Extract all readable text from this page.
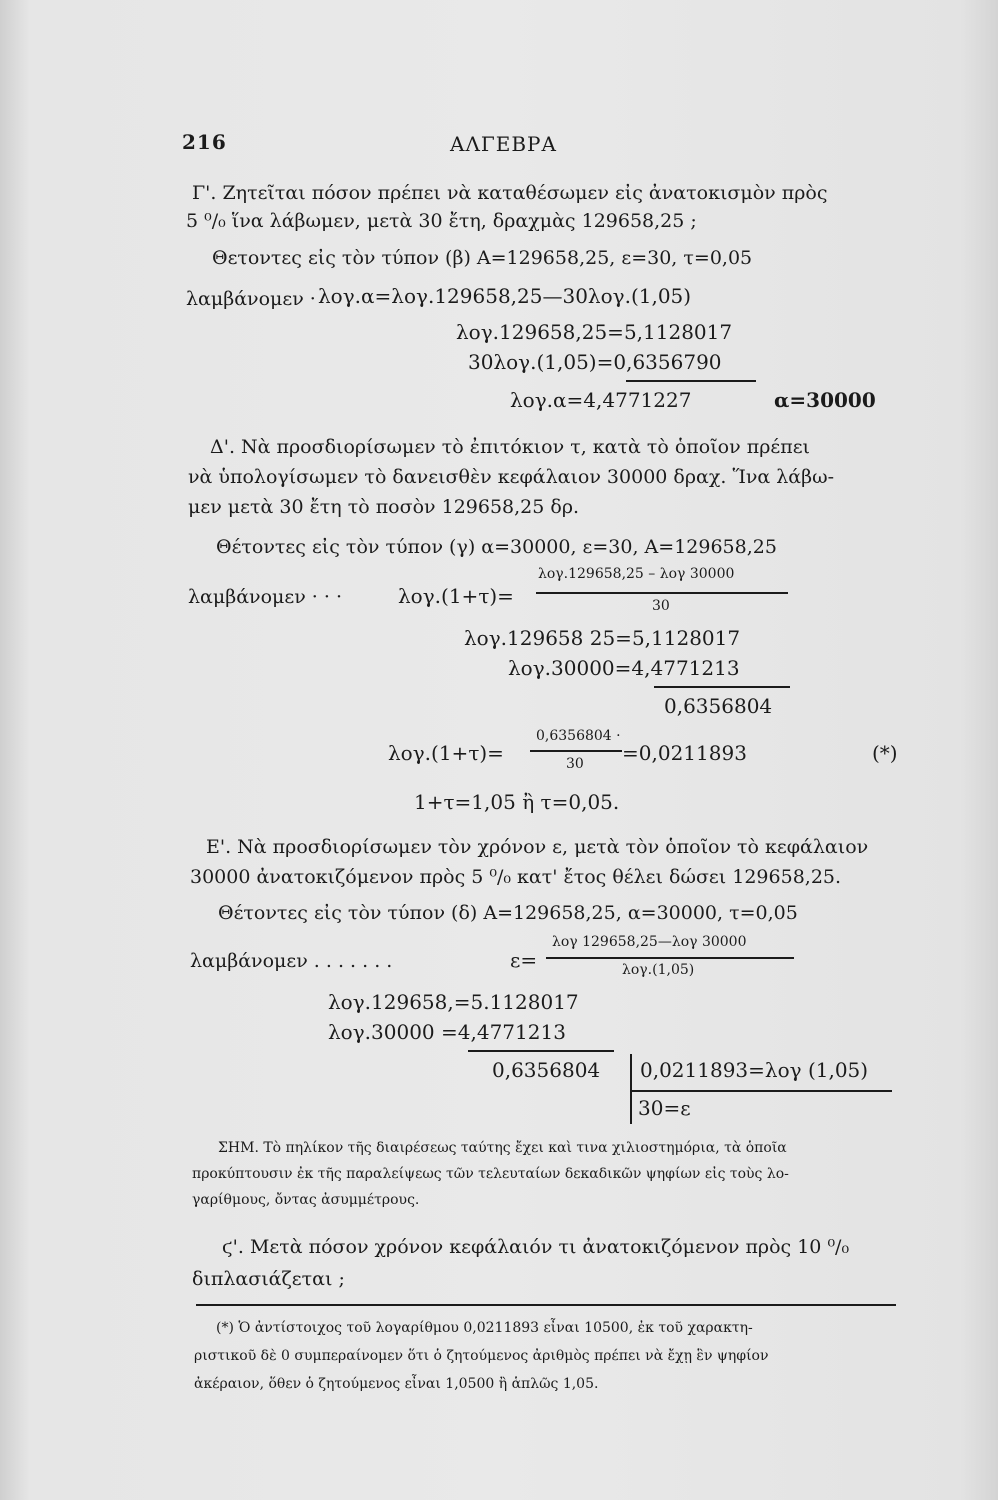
216	ΑΛΓΕΒΡΑ
Γ'. Ζητεῖται πόσον πρέπει νὰ καταθέσωμεν εἰς ἀνατοκισμὸν πρὸς
5 ⁰/₀ ἵνα λάβωμεν, μετὰ 30 ἔτη, δραχμὰς 129658,25 ;
Θετοντες εἰς τὸν τύπον (β) Α=129658,25, ε=30, τ=0,05
λαμβάνομεν · λογ.α=λογ.129658,25—30λογ.(1,05)
λογ.129658,25=5,1128017
30λογ.(1,05)=0,6356790
λογ.α=4,4771227	α=30000
Δ'. Νὰ προσδιορίσωμεν τὸ ἐπιτόκιον τ, κατὰ τὸ ὁποῖον πρέπει
νὰ ὑπολογίσωμεν τὸ δανεισθὲν κεφάλαιον 30000 δραχ. Ἵνα λάβω-
μεν μετὰ 30 ἔτη τὸ ποσὸν 129658,25 δρ.
Θέτοντες εἰς τὸν τύπον (γ) α=30000, ε=30, Α=129658,25
λαμβάνομεν · · ·	λογ.(1+τ)=
λογ.129658,25 – λογ 30000
30
λογ.129658 25=5,1128017
λογ.30000=4,4771213
0,6356804
λογ.(1+τ)=
0,6356804 ·
30 =0,0211893	(*)
1+τ=1,05 ἢ τ=0,05.
Ε'. Νὰ προσδιορίσωμεν τὸν χρόνον ε, μετὰ τὸν ὁποῖον τὸ κεφάλαιον
30000 ἀνατοκιζόμενον πρὸς 5 ⁰/₀ κατ' ἔτος θέλει δώσει 129658,25.
Θέτοντες εἰς τὸν τύπον (δ) Α=129658,25, α=30000, τ=0,05
λαμβάνομεν . . . . . . .	ε=
λογ 129658,25—λογ 30000
λογ.(1,05)
λογ.129658,=5.1128017
λογ.30000 =4,4771213
0,6356804 0,0211893=λογ (1,05)
30=ε
ΣΗΜ. Τὸ πηλίκον τῆς διαιρέσεως ταύτης ἔχει καὶ τινα χιλιοστημόρια, τὰ ὁποῖα
προκύπτουσιν ἐκ τῆς παραλείψεως τῶν τελευταίων δεκαδικῶν ψηφίων εἰς τοὺς λο-
γαρίθμους, ὄντας ἀσυμμέτρους.
ϛ'. Μετὰ πόσον χρόνον κεφάλαιόν τι ἀνατοκιζόμενον πρὸς 10 ⁰/₀
διπλασιάζεται ;
(*) Ὁ ἀντίστοιχος τοῦ λογαρίθμου 0,0211893 εἶναι 10500, ἐκ τοῦ χαρακτη-
ριστικοῦ δὲ 0 συμπεραίνομεν ὅτι ὁ ζητούμενος ἀριθμὸς πρέπει νὰ ἔχῃ ἓν ψηφίον
ἀκέραιον, ὅθεν ὁ ζητούμενος εἶναι 1,0500 ἢ ἁπλῶς 1,05.
